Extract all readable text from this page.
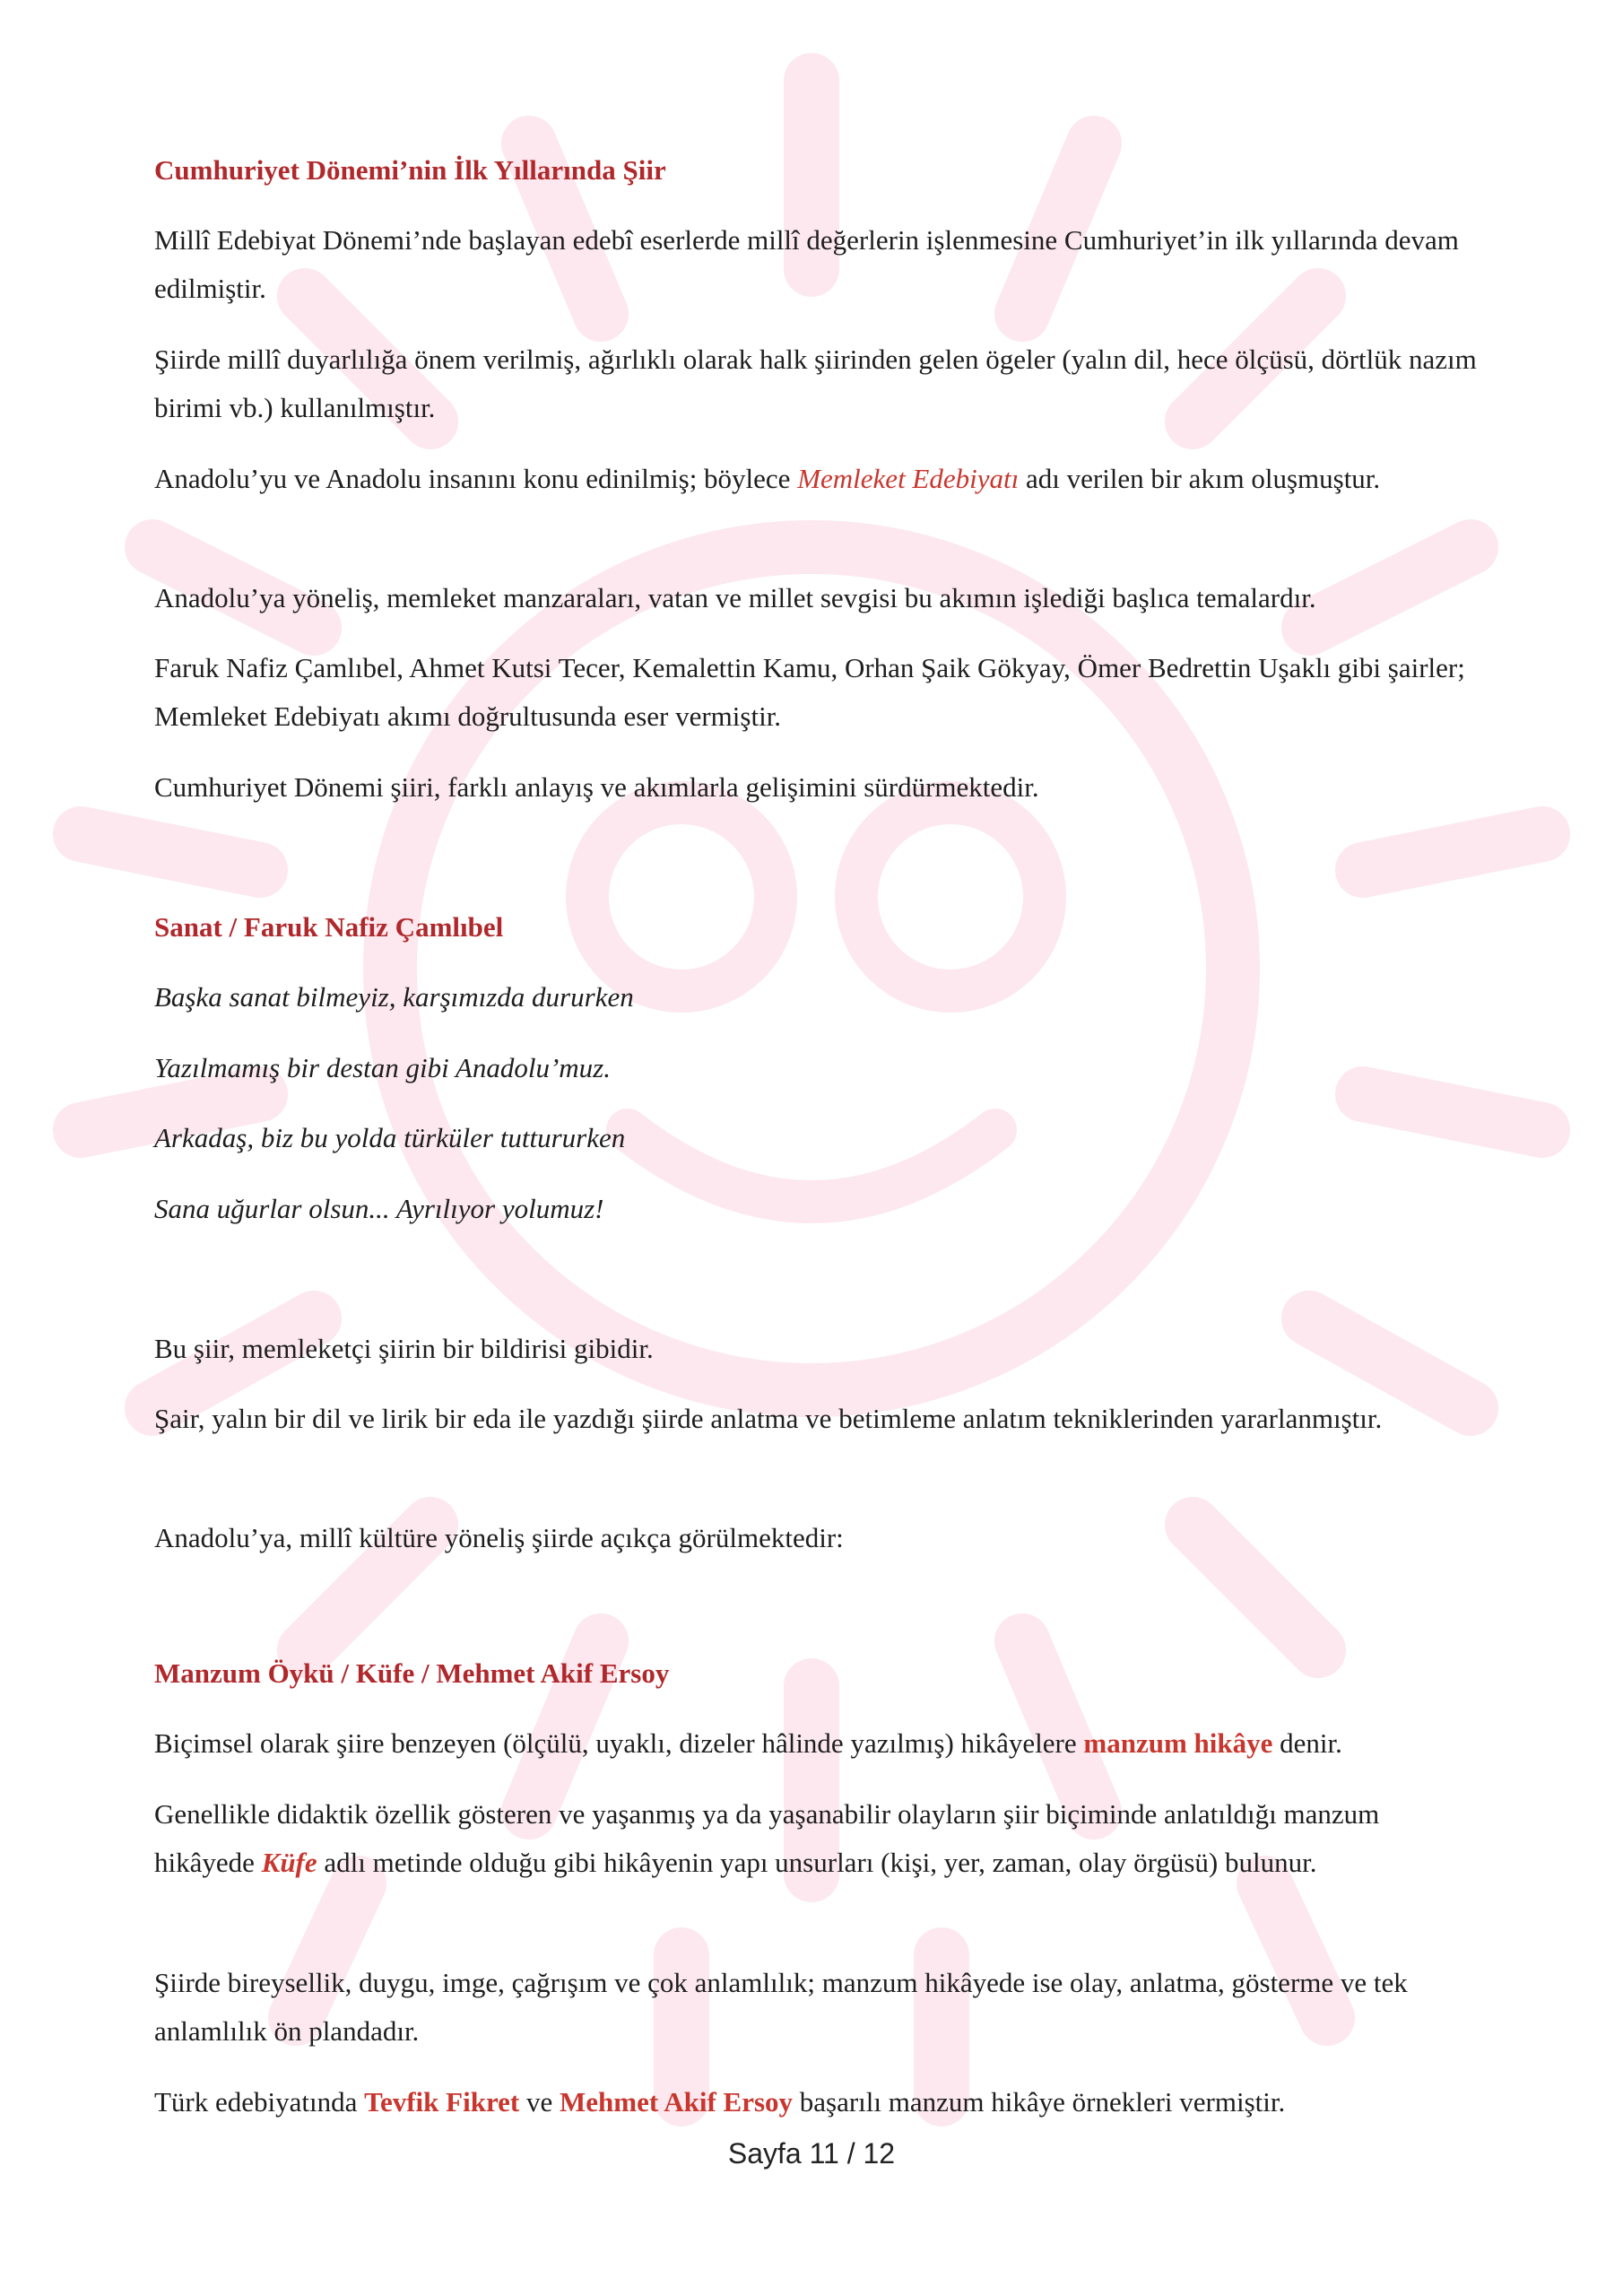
Cumhuriyet Dönemi’nin İlk Yıllarında Şiir
Millî Edebiyat Dönemi’nde başlayan edebî eserlerde millî değerlerin işlenmesine Cumhuriyet’in ilk yıllarında devam edilmiştir.
Şiirde millî duyarlılığa önem verilmiş, ağırlıklı olarak halk şiirinden gelen ögeler (yalın dil, hece ölçüsü, dörtlük nazım birimi vb.) kullanılmıştır.
Anadolu’yu ve Anadolu insanını konu edinilmiş; böylece Memleket Edebiyatı adı verilen bir akım oluşmuştur.
Anadolu’ya yöneliş, memleket manzaraları, vatan ve millet sevgisi bu akımın işlediği başlıca temalardır.
Faruk Nafiz Çamlıbel, Ahmet Kutsi Tecer, Kemalettin Kamu, Orhan Şaik Gökyay, Ömer Bedrettin Uşaklı gibi şairler; Memleket Edebiyatı akımı doğrultusunda eser vermiştir.
Cumhuriyet Dönemi şiiri, farklı anlayış ve akımlarla gelişimini sürdürmektedir.
Sanat / Faruk Nafiz Çamlıbel
Başka sanat bilmeyiz, karşımızda dururken
Yazılmamış bir destan gibi Anadolu’muz.
Arkadaş, biz bu yolda türküler tuttururken
Sana uğurlar olsun... Ayrılıyor yolumuz!
Bu şiir, memleketçi şiirin bir bildirisi gibidir.
Şair, yalın bir dil ve lirik bir eda ile yazdığı şiirde anlatma ve betimleme anlatım tekniklerinden yararlanmıştır.
Anadolu’ya, millî kültüre yöneliş şiirde açıkça görülmektedir:
Manzum Öykü / Küfe / Mehmet Akif Ersoy
Biçimsel olarak şiire benzeyen (ölçülü, uyaklı, dizeler hâlinde yazılmış) hikâyelere manzum hikâye denir.
Genellikle didaktik özellik gösteren ve yaşanmış ya da yaşanabilir olayların şiir biçiminde anlatıldığı manzum hikâyede Küfe adlı metinde olduğu gibi hikâyenin yapı unsurları (kişi, yer, zaman, olay örgüsü) bulunur.
Şiirde bireysellik, duygu, imge, çağrışım ve çok anlamlılık; manzum hikâyede ise olay, anlatma, gösterme ve tek anlamlılık ön plandadır.
Türk edebiyatında Tevfik Fikret ve Mehmet Akif Ersoy başarılı manzum hikâye örnekleri vermiştir.
Sayfa 11 / 12
